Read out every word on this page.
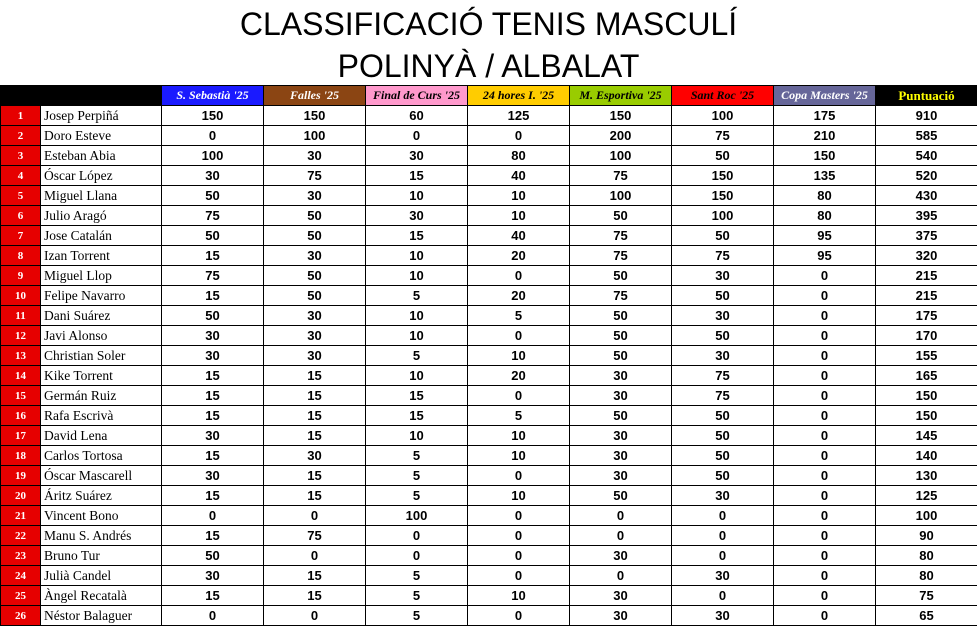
CLASSIFICACIÓ TENIS MASCULÍ
POLINYÀ / ALBALAT
		S. Sebastià '25	Falles '25	Final de Curs '25	24 hores I. '25	M. Esportiva '25	Sant Roc '25	Copa Masters '25	Puntuació
1	Josep Perpiñá	150	150	60	125	150	100	175	910
2	Doro Esteve	0	100	0	0	200	75	210	585
3	Esteban Abia	100	30	30	80	100	50	150	540
4	Óscar López	30	75	15	40	75	150	135	520
5	Miguel Llana	50	30	10	10	100	150	80	430
6	Julio Aragó	75	50	30	10	50	100	80	395
7	Jose Catalán	50	50	15	40	75	50	95	375
8	Izan Torrent	15	30	10	20	75	75	95	320
9	Miguel Llop	75	50	10	0	50	30	0	215
10	Felipe Navarro	15	50	5	20	75	50	0	215
11	Dani Suárez	50	30	10	5	50	30	0	175
12	Javi Alonso	30	30	10	0	50	50	0	170
13	Christian Soler	30	30	5	10	50	30	0	155
14	Kike Torrent	15	15	10	20	30	75	0	165
15	Germán Ruiz	15	15	15	0	30	75	0	150
16	Rafa Escrivà	15	15	15	5	50	50	0	150
17	David Lena	30	15	10	10	30	50	0	145
18	Carlos Tortosa	15	30	5	10	30	50	0	140
19	Óscar Mascarell	30	15	5	0	30	50	0	130
20	Áritz Suárez	15	15	5	10	50	30	0	125
21	Vincent Bono	0	0	100	0	0	0	0	100
22	Manu S. Andrés	15	75	0	0	0	0	0	90
23	Bruno Tur	50	0	0	0	30	0	0	80
24	Julià Candel	30	15	5	0	0	30	0	80
25	Àngel Recatalà	15	15	5	10	30	0	0	75
26	Néstor Balaguer	0	0	5	0	30	30	0	65
